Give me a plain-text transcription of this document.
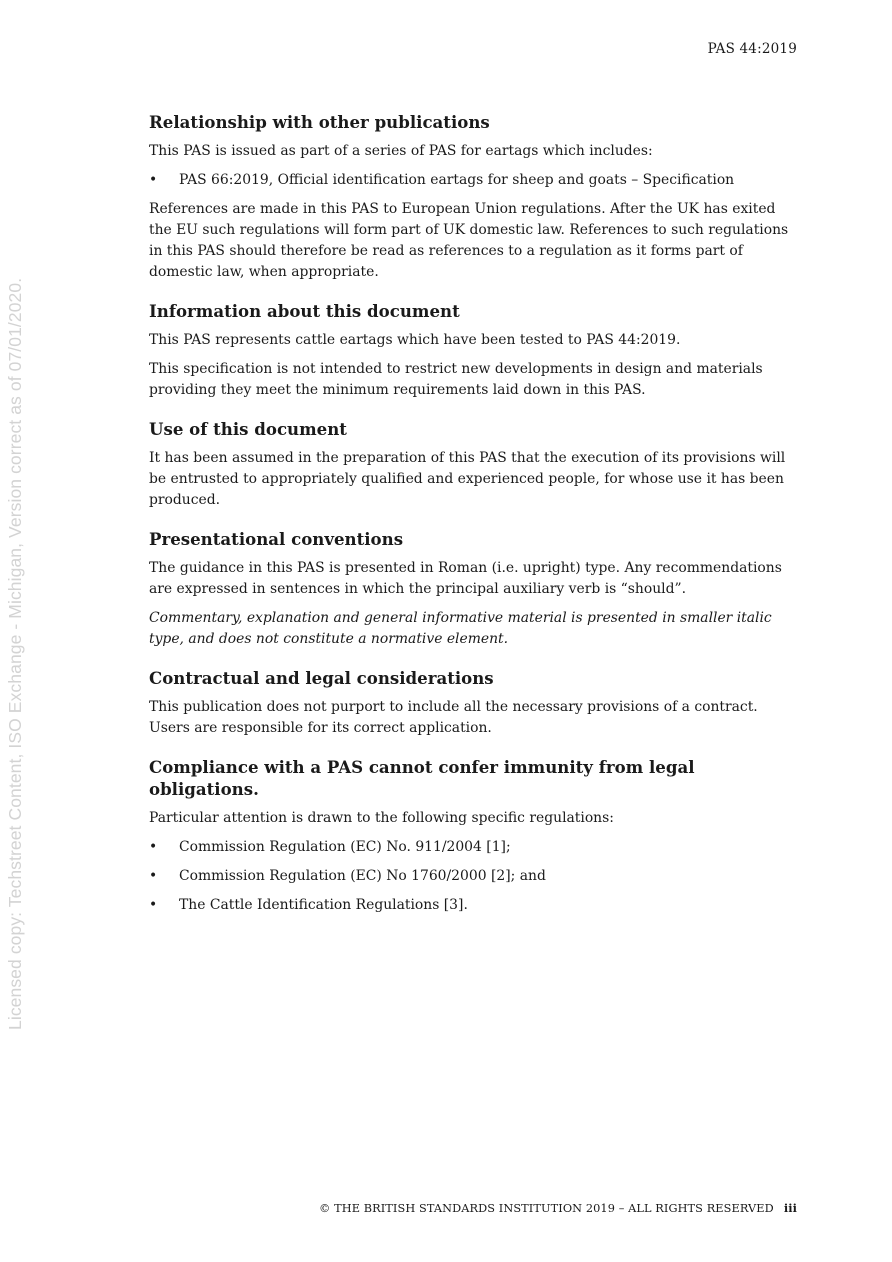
PAS 44:2019
Licensed copy: Techstreet Content, ISO Exchange - Michigan, Version correct as of 07/01/2020.
Relationship with other publications

This PAS is issued as part of a series of PAS for eartags which includes:

• PAS 66:2019, Official identification eartags for sheep and goats – Specification

References are made in this PAS to European Union regulations. After the UK has exited the EU such regulations will form part of UK domestic law. References to such regulations in this PAS should therefore be read as references to a regulation as it forms part of domestic law, when appropriate.

Information about this document

This PAS represents cattle eartags which have been tested to PAS 44:2019.

This specification is not intended to restrict new developments in design and materials providing they meet the minimum requirements laid down in this PAS.

Use of this document

It has been assumed in the preparation of this PAS that the execution of its provisions will be entrusted to appropriately qualified and experienced people, for whose use it has been produced.

Presentational conventions

The guidance in this PAS is presented in Roman (i.e. upright) type. Any recommendations are expressed in sentences in which the principal auxiliary verb is “should”.

Commentary, explanation and general informative material is presented in smaller italic type, and does not constitute a normative element.

Contractual and legal considerations

This publication does not purport to include all the necessary provisions of a contract. Users are responsible for its correct application.

Compliance with a PAS cannot confer immunity from legal obligations.

Particular attention is drawn to the following specific regulations:

• Commission Regulation (EC) No. 911/2004 [1];
• Commission Regulation (EC) No 1760/2000 [2]; and
• The Cattle Identification Regulations [3].
© THE BRITISH STANDARDS INSTITUTION 2019 – ALL RIGHTS RESERVED iii
